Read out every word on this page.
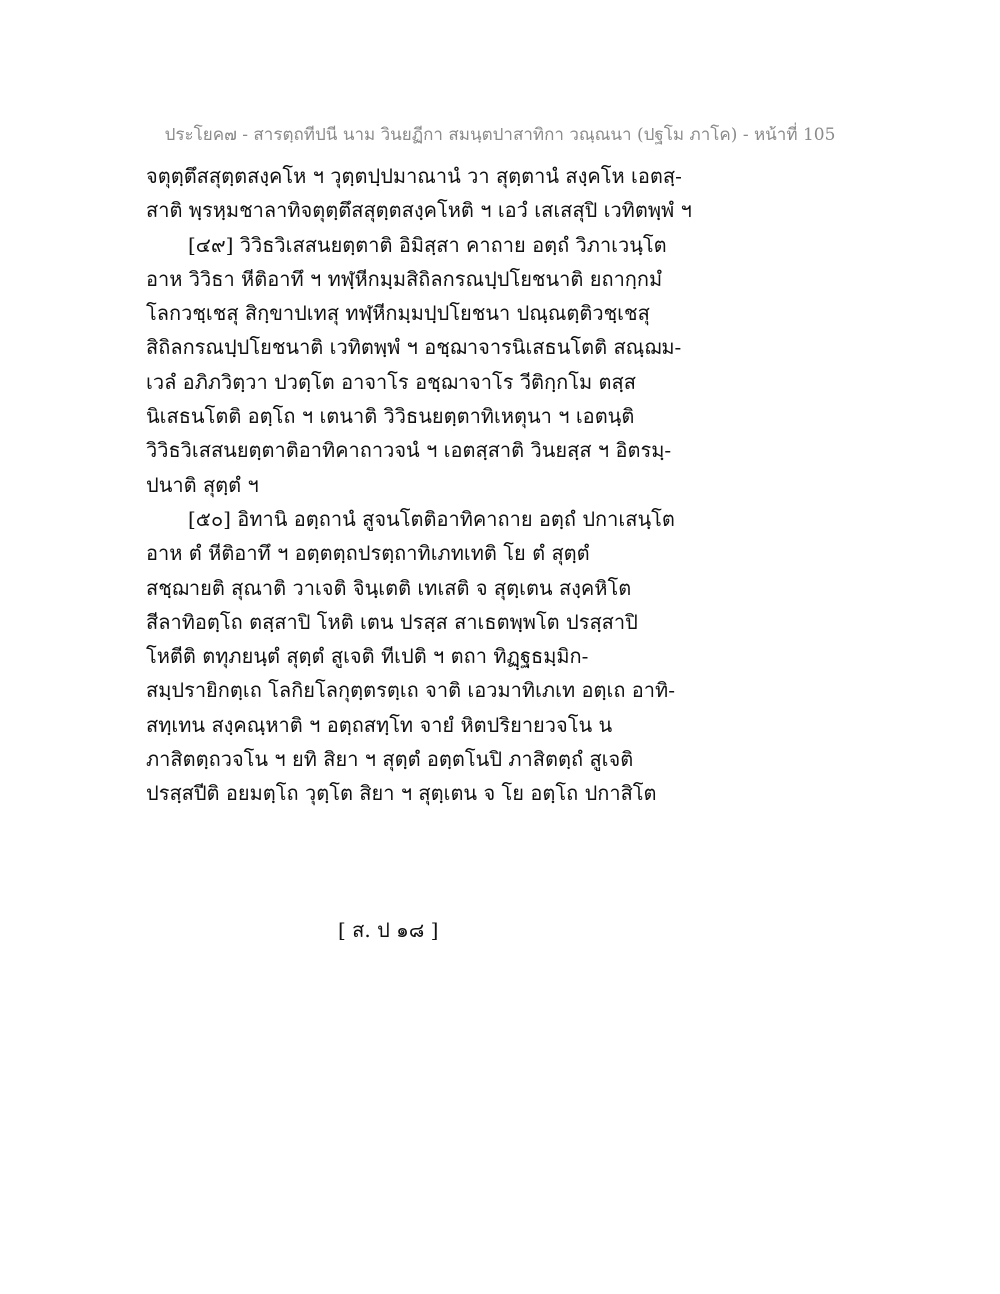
ประโยค๗ - สารตฺถทีปนี นาม วินยฏีกา สมนฺตปาสาทิกา วณฺณนา (ปฐโม ภาโค) - หน้าที่ 105
จตุตฺตึสสุตฺตสงฺคโห ฯ วุตฺตปฺปมาณานํ วา สุตฺตานํ สงฺคโห เอตสฺ-
สาติ พฺรหฺมชาลาทิจตุตฺตึสสุตฺตสงฺคโหติ ฯ เอวํ เสเสสุปิ เวทิตพฺพํ ฯ
[๔๙] วิวิธวิเสสนยตฺตาติ อิมิสฺสา คาถาย อตฺถํ วิภาเวนฺโต
อาห วิวิธา หีติอาทึ ฯ ทฬฺหีกมฺมสิถิลกรณปฺปโยชนาติ ยถากฺกมํ
โลกวชฺเชสุ สิกฺขาปเทสุ ทฬฺหีกมฺมปฺปโยชนา ปณฺณตฺติวชฺเชสุ
สิถิลกรณปฺปโยชนาติ เวทิตพฺพํ ฯ อชฺฌาจารนิเสธนโตติ สณฺฌม-
เวลํ อภิภวิตฺวา ปวตฺโต อาจาโร อชฺฌาจาโร วีติกฺกโม ตสฺส
นิเสธนโตติ อตฺโถ ฯ เตนาติ วิวิธนยตฺตาทิเหตุนา ฯ เอตนฺติ
วิวิธวิเสสนยตฺตาติอาทิคาถาวจนํ ฯ เอตสฺสาติ วินยสฺส ฯ อิตรมฺ-
ปนาติ สุตฺตํ ฯ
[๕๐] อิทานิ อตฺถานํ สูจนโตติอาทิคาถาย อตฺถํ ปกาเสนฺโต
อาห ตํ หีติอาทึ ฯ อตฺตตฺถปรตฺถาทิเภทเทติ โย ตํ สุตฺตํ
สชฺฌายติ สุณาติ วาเจติ จินฺเตติ เทเสติ จ สุตฺเตน สงฺคหิโต
สีลาทิอตฺโถ ตสฺสาปิ โหติ เตน ปรสฺส สาเธตพฺพโต ปรสฺสาปิ
โหตีติ ตทุภยนฺตํ สุตฺตํ สูเจติ ทีเปติ ฯ ตถา ทิฏฺฐธมฺมิก-
สมฺปรายิกตฺเถ โลกิยโลกุตฺตรตฺเถ จาติ เอวมาทิเภเท อตฺเถ อาทิ-
สทฺเทน สงฺคณฺหาติ ฯ อตฺถสทฺโท จายํ หิตปริยายวจโน น
ภาสิตตฺถวจโน ฯ ยทิ สิยา ฯ สุตฺตํ อตฺตโนปิ ภาสิตตฺถํ สูเจติ
ปรสฺสปีติ อยมตฺโถ วุตฺโต สิยา ฯ สุตฺเตน จ โย อตฺโถ ปกาสิโต
[ ส. ป ๑๘ ]
